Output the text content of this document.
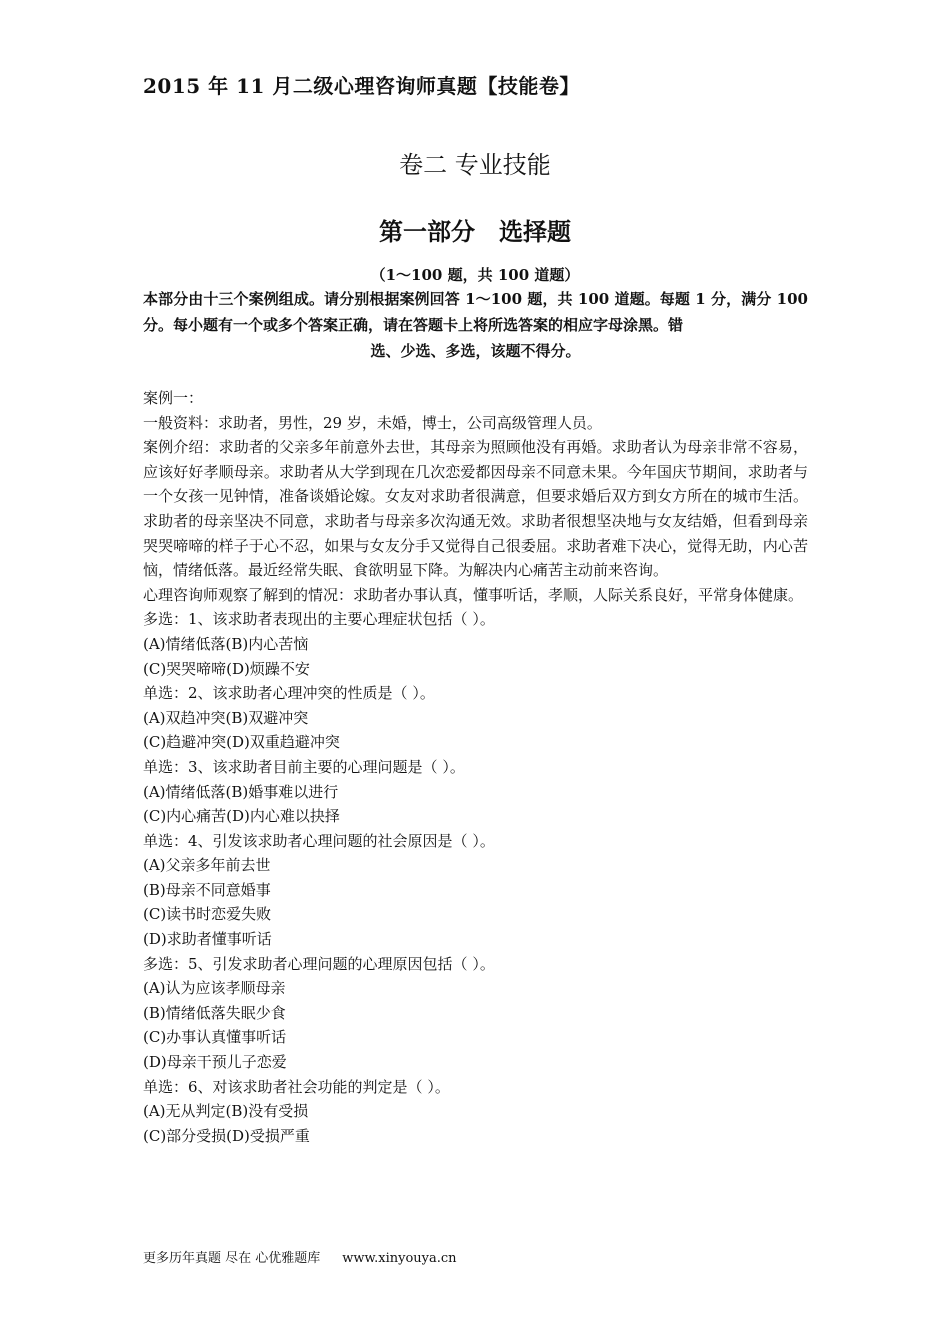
2015 年 11 月二级心理咨询师真题【技能卷】
卷二 专业技能
第一部分　选择题
（1～100 题，共 100 道题）
本部分由十三个案例组成。请分别根据案例回答 1～100 题，共 100 道题。每题 1 分，满分 100 分。每小题有一个或多个答案正确，请在答题卡上将所选答案的相应字母涂黑。错
选、少选、多选，该题不得分。
案例一：
一般资料：求助者，男性，29 岁，未婚，博士，公司高级管理人员。
案例介绍：求助者的父亲多年前意外去世，其母亲为照顾他没有再婚。求助者认为母亲非常不容易，应该好好孝顺母亲。求助者从大学到现在几次恋爱都因母亲不同意未果。今年国庆节期间，求助者与一个女孩一见钟情，准备谈婚论嫁。女友对求助者很满意，但要求婚后双方到女方所在的城市生活。求助者的母亲坚决不同意，求助者与母亲多次沟通无效。求助者很想坚决地与女友结婚，但看到母亲哭哭啼啼的样子于心不忍，如果与女友分手又觉得自己很委屈。求助者难下决心，觉得无助，内心苦恼，情绪低落。最近经常失眠、食欲明显下降。为解决内心痛苦主动前来咨询。
心理咨询师观察了解到的情况：求助者办事认真，懂事听话，孝顺，人际关系良好，平常身体健康。
多选：1、该求助者表现出的主要心理症状包括（ ）。
(A)情绪低落(B)内心苦恼
(C)哭哭啼啼(D)烦躁不安
单选：2、该求助者心理冲突的性质是（ ）。
(A)双趋冲突(B)双避冲突
(C)趋避冲突(D)双重趋避冲突
单选：3、该求助者目前主要的心理问题是（ ）。
(A)情绪低落(B)婚事难以进行
(C)内心痛苦(D)内心难以抉择
单选：4、引发该求助者心理问题的社会原因是（ ）。
(A)父亲多年前去世
(B)母亲不同意婚事
(C)读书时恋爱失败
(D)求助者懂事听话
多选：5、引发求助者心理问题的心理原因包括（ ）。
(A)认为应该孝顺母亲
(B)情绪低落失眠少食
(C)办事认真懂事听话
(D)母亲干预儿子恋爱
单选：6、对该求助者社会功能的判定是（ ）。
(A)无从判定(B)没有受损
(C)部分受损(D)受损严重
更多历年真题 尽在 心优雅题库 www.xinyouya.cn
